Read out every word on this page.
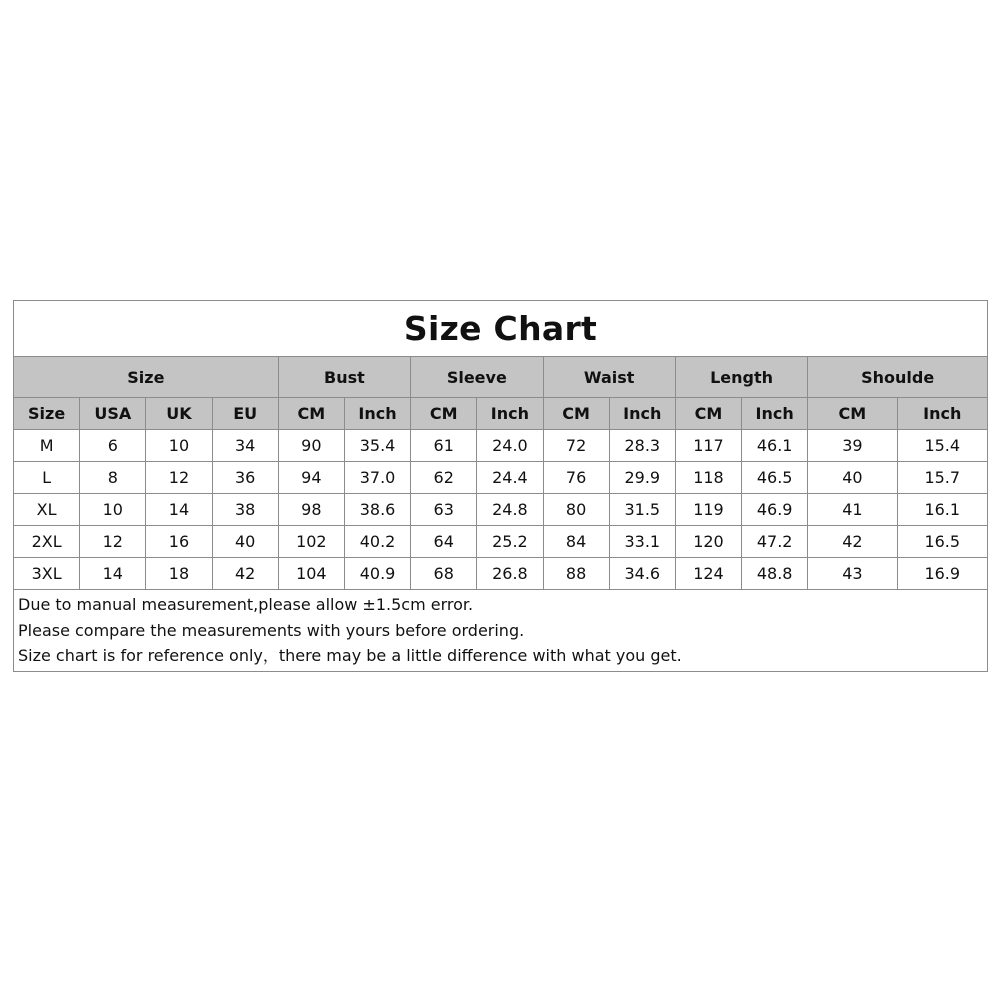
Size Chart													
Size				Bust		Sleeve		Waist		Length		Shoulde	
Size	USA	UK	EU	CM	Inch	CM	Inch	CM	Inch	CM	Inch	CM	Inch
M	6	10	34	90	35.4	61	24.0	72	28.3	117	46.1	39	15.4
L	8	12	36	94	37.0	62	24.4	76	29.9	118	46.5	40	15.7
XL	10	14	38	98	38.6	63	24.8	80	31.5	119	46.9	41	16.1
2XL	12	16	40	102	40.2	64	25.2	84	33.1	120	47.2	42	16.5
3XL	14	18	42	104	40.9	68	26.8	88	34.6	124	48.8	43	16.9

Due to manual measurement,please allow ±1.5cm error.
Please compare the measurements with yours before ordering.
Size chart is for reference only，there may be a little difference with what you get.													
